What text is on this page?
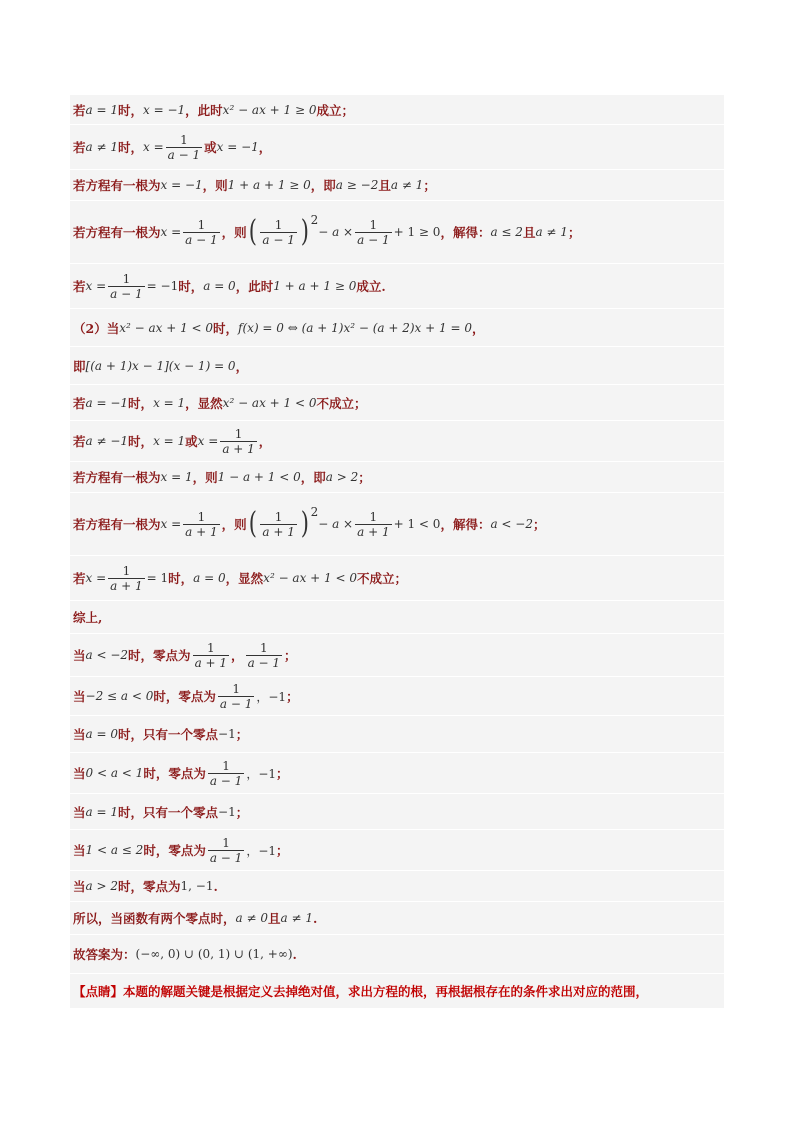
若 a = 1 时， x = −1 ，此时 x² − ax + 1 ≥ 0 成立；
若 a ≠ 1 时， $x = \frac{1}{a - 1}$ 或 x = −1 ，
若方程有一根为 x = −1 ，则 1 + a + 1 ≥ 0 ，即 a ≥ −2 且 a ≠ 1 ；
若方程有一根为 $x = \frac{1}{a - 1}$ ，则 ( $\frac{1}{a - 1}$ ) 2
− $a \times \frac{1}{a - 1} + 1 \ge 0$ ，解得： a ≤ 2 且 a ≠ 1 ；
若 $x = \frac{1}{a - 1} = -1$ 时， a = 0 ，此时 1 + a + 1 ≥ 0 成立.
（2）当 x² − ax + 1 < 0 时， f(x) = 0 ⇔ (a + 1)x² − (a + 2)x + 1 = 0 ，
即 [(a + 1)x − 1](x − 1) = 0 ，
若 a = −1 时， x = 1 ，显然 x² − ax + 1 < 0 不成立；
若 a ≠ −1 时， x = 1 或 $x = \frac{1}{a + 1}$ ，
若方程有一根为 x = 1 ，则 1 − a + 1 < 0 ，即 a > 2 ；
若方程有一根为 $x = \frac{1}{a + 1}$ ，则 ( $\frac{1}{a + 1}$ ) 2
− $a \times \frac{1}{a + 1} + 1 < 0$ ，解得： a < −2 ；
若 $x = \frac{1}{a + 1} = 1$ 时， a = 0 ，显然 x² − ax + 1 < 0 不成立；
综上,
当 a < −2 时，零点为 $\frac{1}{a + 1}$ ， $\frac{1}{a - 1}$ ；
当 −2 ≤ a < 0 时，零点为 $\frac{1}{a - 1}$ ，−1 ；
当 a = 0 时，只有一个零点 −1 ；
当 0 < a < 1 时，零点为 $\frac{1}{a - 1}$ ，−1 ；
当 a = 1 时，只有一个零点 −1 ；
当 1 < a ≤ 2 时，零点为 $\frac{1}{a - 1}$ ，−1 ；
当 a > 2 时，零点为 1, −1 .
所以，当函数有两个零点时， a ≠ 0 且 a ≠ 1 .
故答案为： (−∞, 0) ∪ (0, 1) ∪ (1, +∞) .
【点睛】本题的解题关键是根据定义去掉绝对值，求出方程的根，再根据根存在的条件求出对应的范围，
